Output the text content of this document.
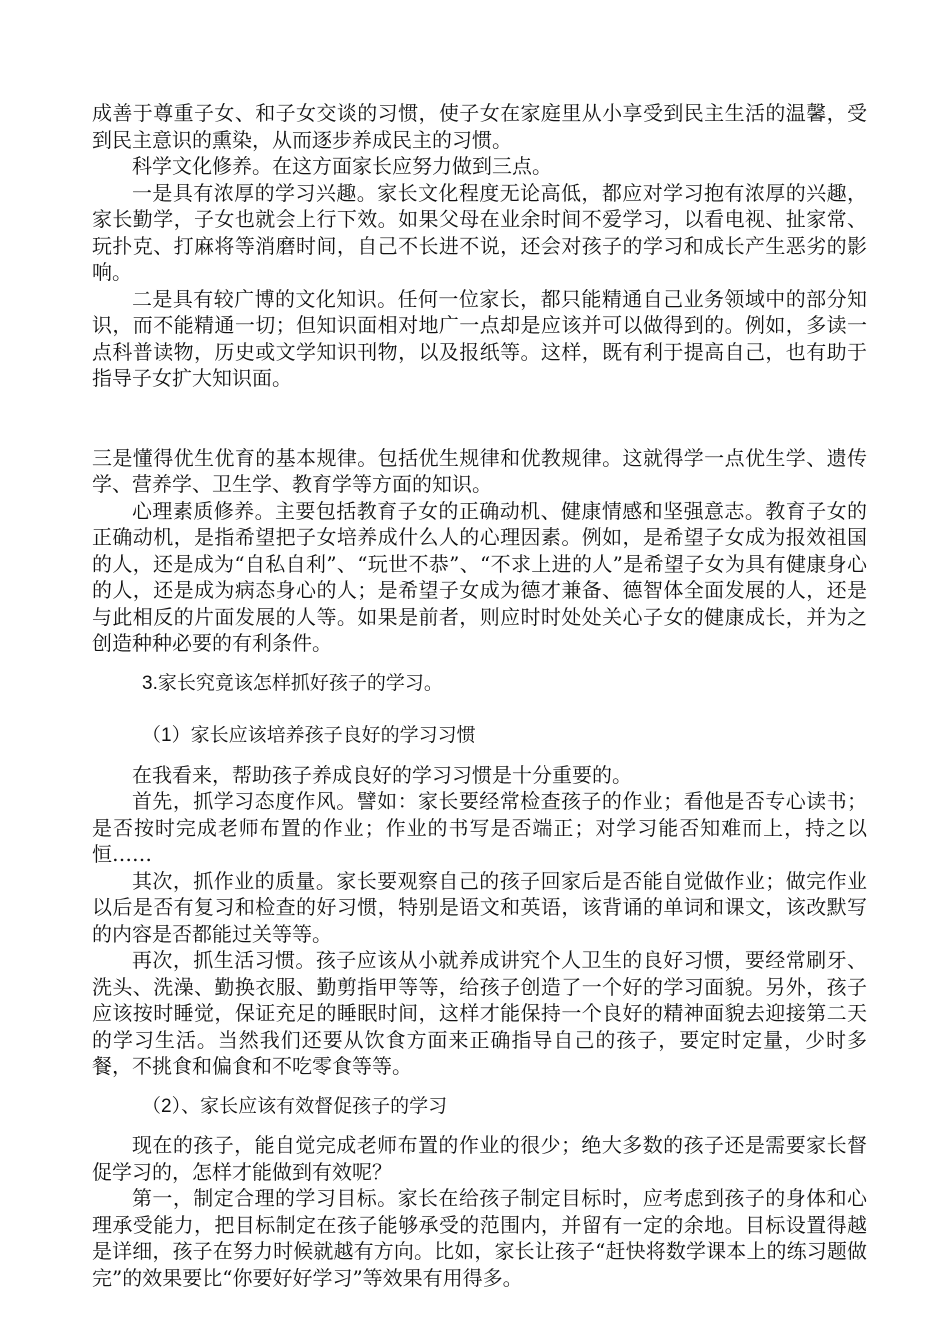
成善于尊重子女、和子女交谈的习惯，使子女在家庭里从小享受到民主生活的温馨，受到民主意识的熏染，从而逐步养成民主的习惯。

科学文化修养。在这方面家长应努力做到三点。

一是具有浓厚的学习兴趣。家长文化程度无论高低，都应对学习抱有浓厚的兴趣，家长勤学，子女也就会上行下效。如果父母在业余时间不爱学习，以看电视、扯家常、玩扑克、打麻将等消磨时间，自己不长进不说，还会对孩子的学习和成长产生恶劣的影响。

二是具有较广博的文化知识。任何一位家长，都只能精通自己业务领域中的部分知识，而不能精通一切；但知识面相对地广一点却是应该并可以做得到的。例如，多读一点科普读物，历史或文学知识刊物，以及报纸等。这样，既有利于提高自己，也有助于指导子女扩大知识面。

三是懂得优生优育的基本规律。包括优生规律和优教规律。这就得学一点优生学、遗传学、营养学、卫生学、教育学等方面的知识。

心理素质修养。主要包括教育子女的正确动机、健康情感和坚强意志。教育子女的正确动机，是指希望把子女培养成什么人的心理因素。例如，是希望子女成为报效祖国的人，还是成为“自私自利”、“玩世不恭”、“不求上进的人”是希望子女为具有健康身心的人，还是成为病态身心的人；是希望子女成为德才兼备、德智体全面发展的人，还是与此相反的片面发展的人等。如果是前者，则应时时处处关心子女的健康成长，并为之创造种种必要的有利条件。

3.家长究竟该怎样抓好孩子的学习。

（1）家长应该培养孩子良好的学习习惯

在我看来，帮助孩子养成良好的学习习惯是十分重要的。

首先，抓学习态度作风。譬如：家长要经常检查孩子的作业；看他是否专心读书；是否按时完成老师布置的作业；作业的书写是否端正；对学习能否知难而上，持之以恒……

其次，抓作业的质量。家长要观察自己的孩子回家后是否能自觉做作业；做完作业以后是否有复习和检查的好习惯，特别是语文和英语，该背诵的单词和课文，该改默写的内容是否都能过关等等。

再次，抓生活习惯。孩子应该从小就养成讲究个人卫生的良好习惯，要经常刷牙、洗头、洗澡、勤换衣服、勤剪指甲等等，给孩子创造了一个好的学习面貌。另外，孩子应该按时睡觉，保证充足的睡眠时间，这样才能保持一个良好的精神面貌去迎接第二天的学习生活。当然我们还要从饮食方面来正确指导自己的孩子，要定时定量，少时多餐，不挑食和偏食和不吃零食等等。

（2）、家长应该有效督促孩子的学习

现在的孩子，能自觉完成老师布置的作业的很少；绝大多数的孩子还是需要家长督促学习的，怎样才能做到有效呢？

第一，制定合理的学习目标。家长在给孩子制定目标时，应考虑到孩子的身体和心理承受能力，把目标制定在孩子能够承受的范围内，并留有一定的余地。目标设置得越是详细，孩子在努力时候就越有方向。比如，家长让孩子“赶快将数学课本上的练习题做完”的效果要比“你要好好学习”等效果有用得多。
